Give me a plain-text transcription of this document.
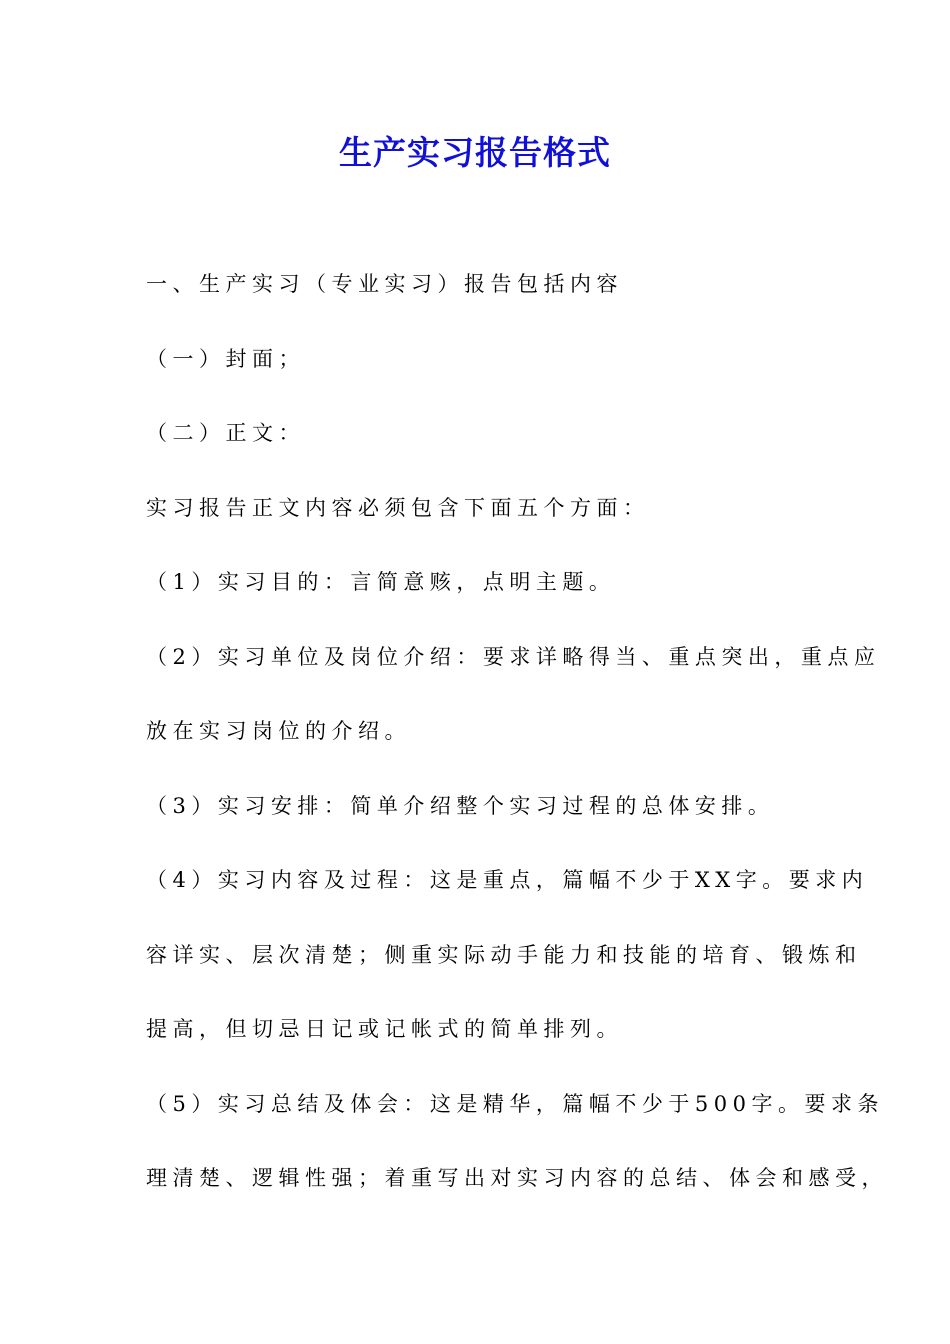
生产实习报告格式

一、生产实习（专业实习）报告包括内容

（一）封面；

（二）正文：

实习报告正文内容必须包含下面五个方面：

（1）实习目的：言简意赅，点明主题。

（2）实习单位及岗位介绍：要求详略得当、重点突出，重点应

放在实习岗位的介绍。

（3）实习安排：简单介绍整个实习过程的总体安排。

（4）实习内容及过程：这是重点，篇幅不少于XX字。要求内

容详实、层次清楚；侧重实际动手能力和技能的培育、锻炼和

提高，但切忌日记或记帐式的简单排列。

（5）实习总结及体会：这是精华，篇幅不少于500字。要求条

理清楚、逻辑性强；着重写出对实习内容的总结、体会和感受，
